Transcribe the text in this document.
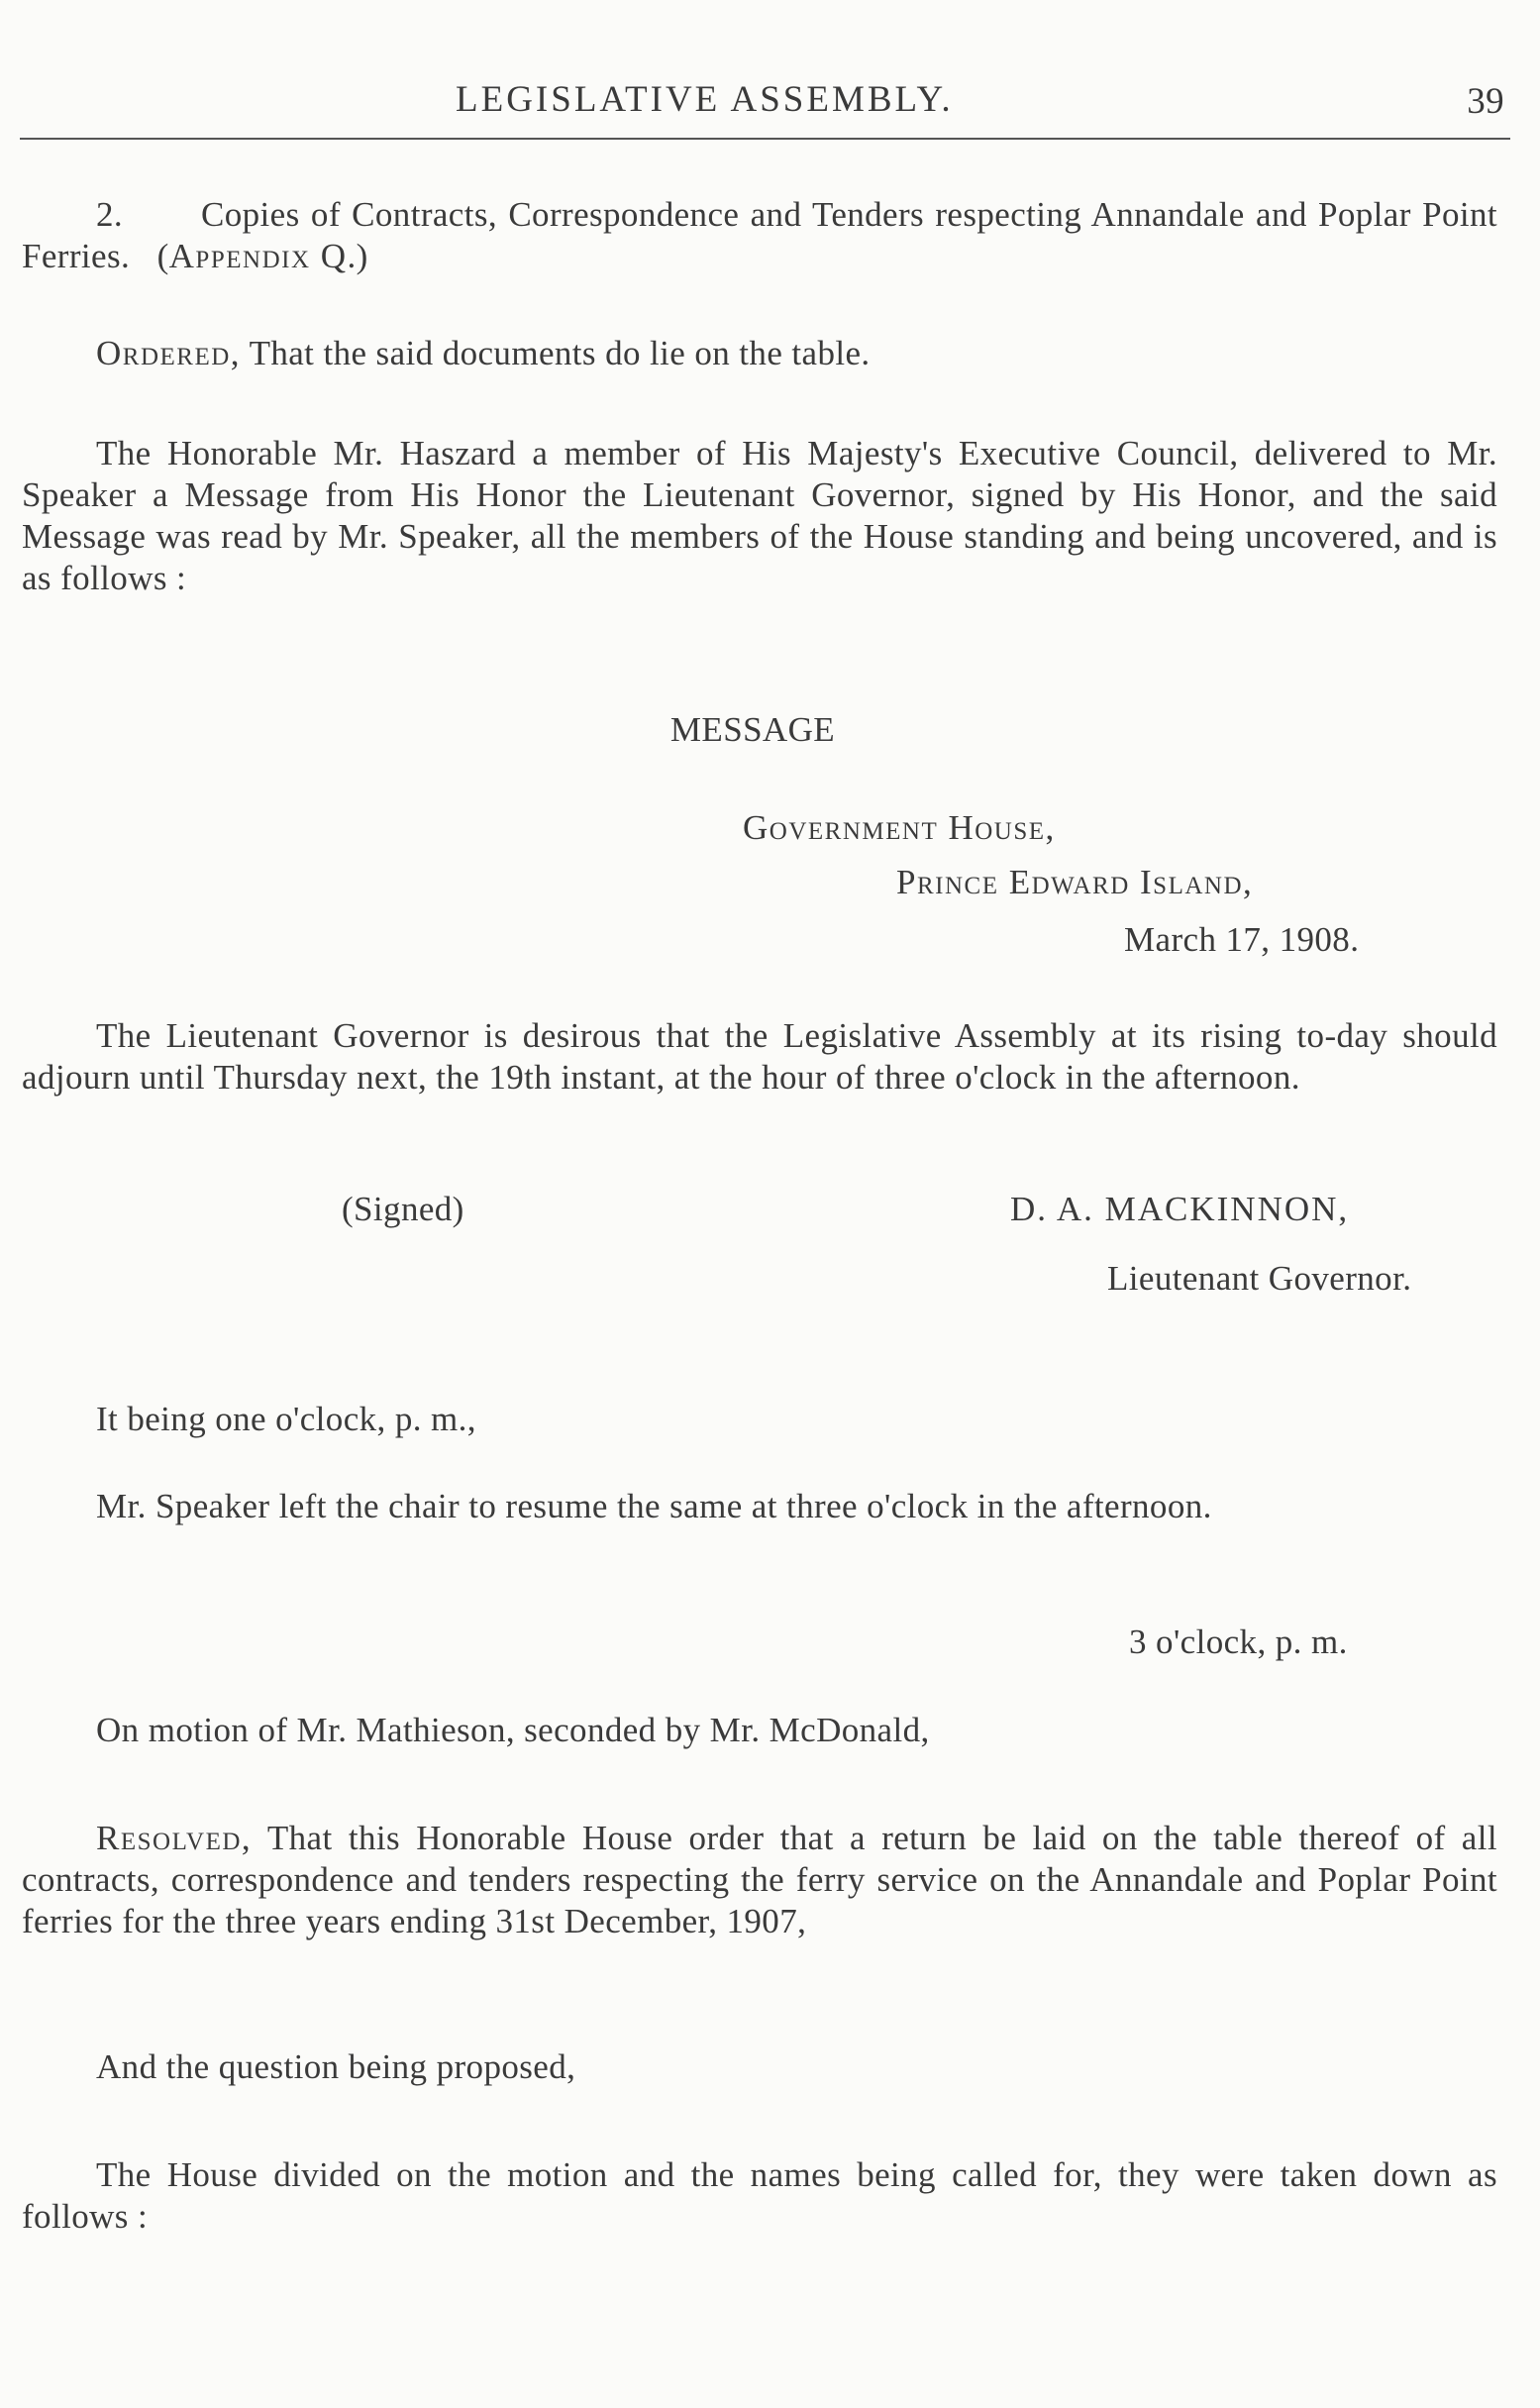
LEGISLATIVE ASSEMBLY.	39
2. Copies of Contracts, Correspondence and Tenders respecting Annandale and Poplar Point Ferries. (Appendix Q.)
Ordered, That the said documents do lie on the table.
The Honorable Mr. Haszard a member of His Majesty's Executive Council, delivered to Mr. Speaker a Message from His Honor the Lieutenant Governor, signed by His Honor, and the said Message was read by Mr. Speaker, all the members of the House standing and being uncovered, and is as follows :
MESSAGE
Government House,
Prince Edward Island,
March 17, 1908.
The Lieutenant Governor is desirous that the Legislative Assembly at its rising to-day should adjourn until Thursday next, the 19th instant, at the hour of three o'clock in the afternoon.
(Signed)	D. A. MACKINNON,
Lieutenant Governor.
It being one o'clock, p. m.,
Mr. Speaker left the chair to resume the same at three o'clock in the afternoon.
3 o'clock, p. m.
On motion of Mr. Mathieson, seconded by Mr. McDonald,
Resolved, That this Honorable House order that a return be laid on the table thereof of all contracts, correspondence and tenders respecting the ferry service on the Annandale and Poplar Point ferries for the three years ending 31st December, 1907,
And the question being proposed,
The House divided on the motion and the names being called for, they were taken down as follows :
